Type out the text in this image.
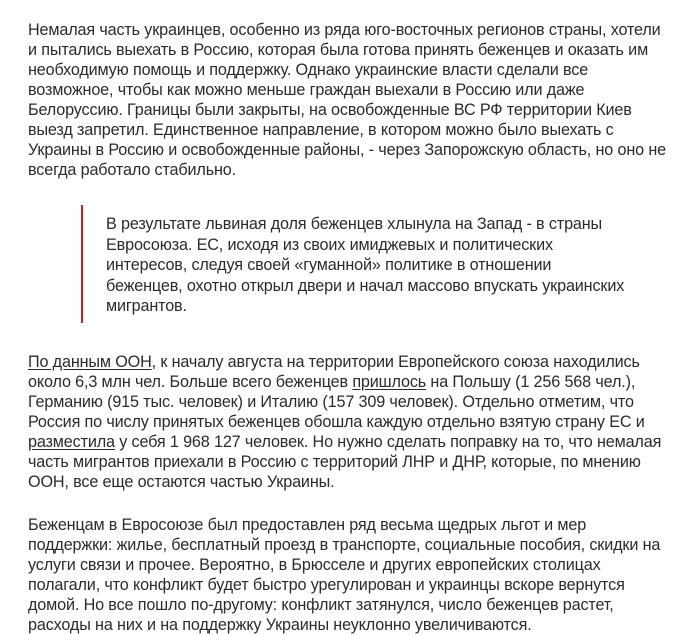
Немалая часть украинцев, особенно из ряда юго-восточных регионов страны, хотели и пытались выехать в Россию, которая была готова принять беженцев и оказать им необходимую помощь и поддержку. Однако украинские власти сделали все возможное, чтобы как можно меньше граждан выехали в Россию или даже Белоруссию. Границы были закрыты, на освобожденные ВС РФ территории Киев выезд запретил. Единственное направление, в котором можно было выехать с Украины в Россию и освобожденные районы, - через Запорожскую область, но оно не всегда работало стабильно.

В результате львиная доля беженцев хлынула на Запад - в страны Евросоюза. ЕС, исходя из своих имиджевых и политических интересов, следуя своей «гуманной» политике в отношении беженцев, охотно открыл двери и начал массово впускать украинских мигрантов.

По данным ООН, к началу августа на территории Европейского союза находились около 6,3 млн чел. Больше всего беженцев пришлось на Польшу (1 256 568 чел.), Германию (915 тыс. человек) и Италию (157 309 человек). Отдельно отметим, что Россия по числу принятых беженцев обошла каждую отдельно взятую страну ЕС и разместила у себя 1 968 127 человек. Но нужно сделать поправку на то, что немалая часть мигрантов приехали в Россию с территорий ЛНР и ДНР, которые, по мнению ООН, все еще остаются частью Украины.

Беженцам в Евросоюзе был предоставлен ряд весьма щедрых льгот и мер поддержки: жилье, бесплатный проезд в транспорте, социальные пособия, скидки на услуги связи и прочее. Вероятно, в Брюсселе и других европейских столицах полагали, что конфликт будет быстро урегулирован и украинцы вскоре вернутся домой. Но все пошло по-другому: конфликт затянулся, число беженцев растет, расходы на них и на поддержку Украины неуклонно увеличиваются.
